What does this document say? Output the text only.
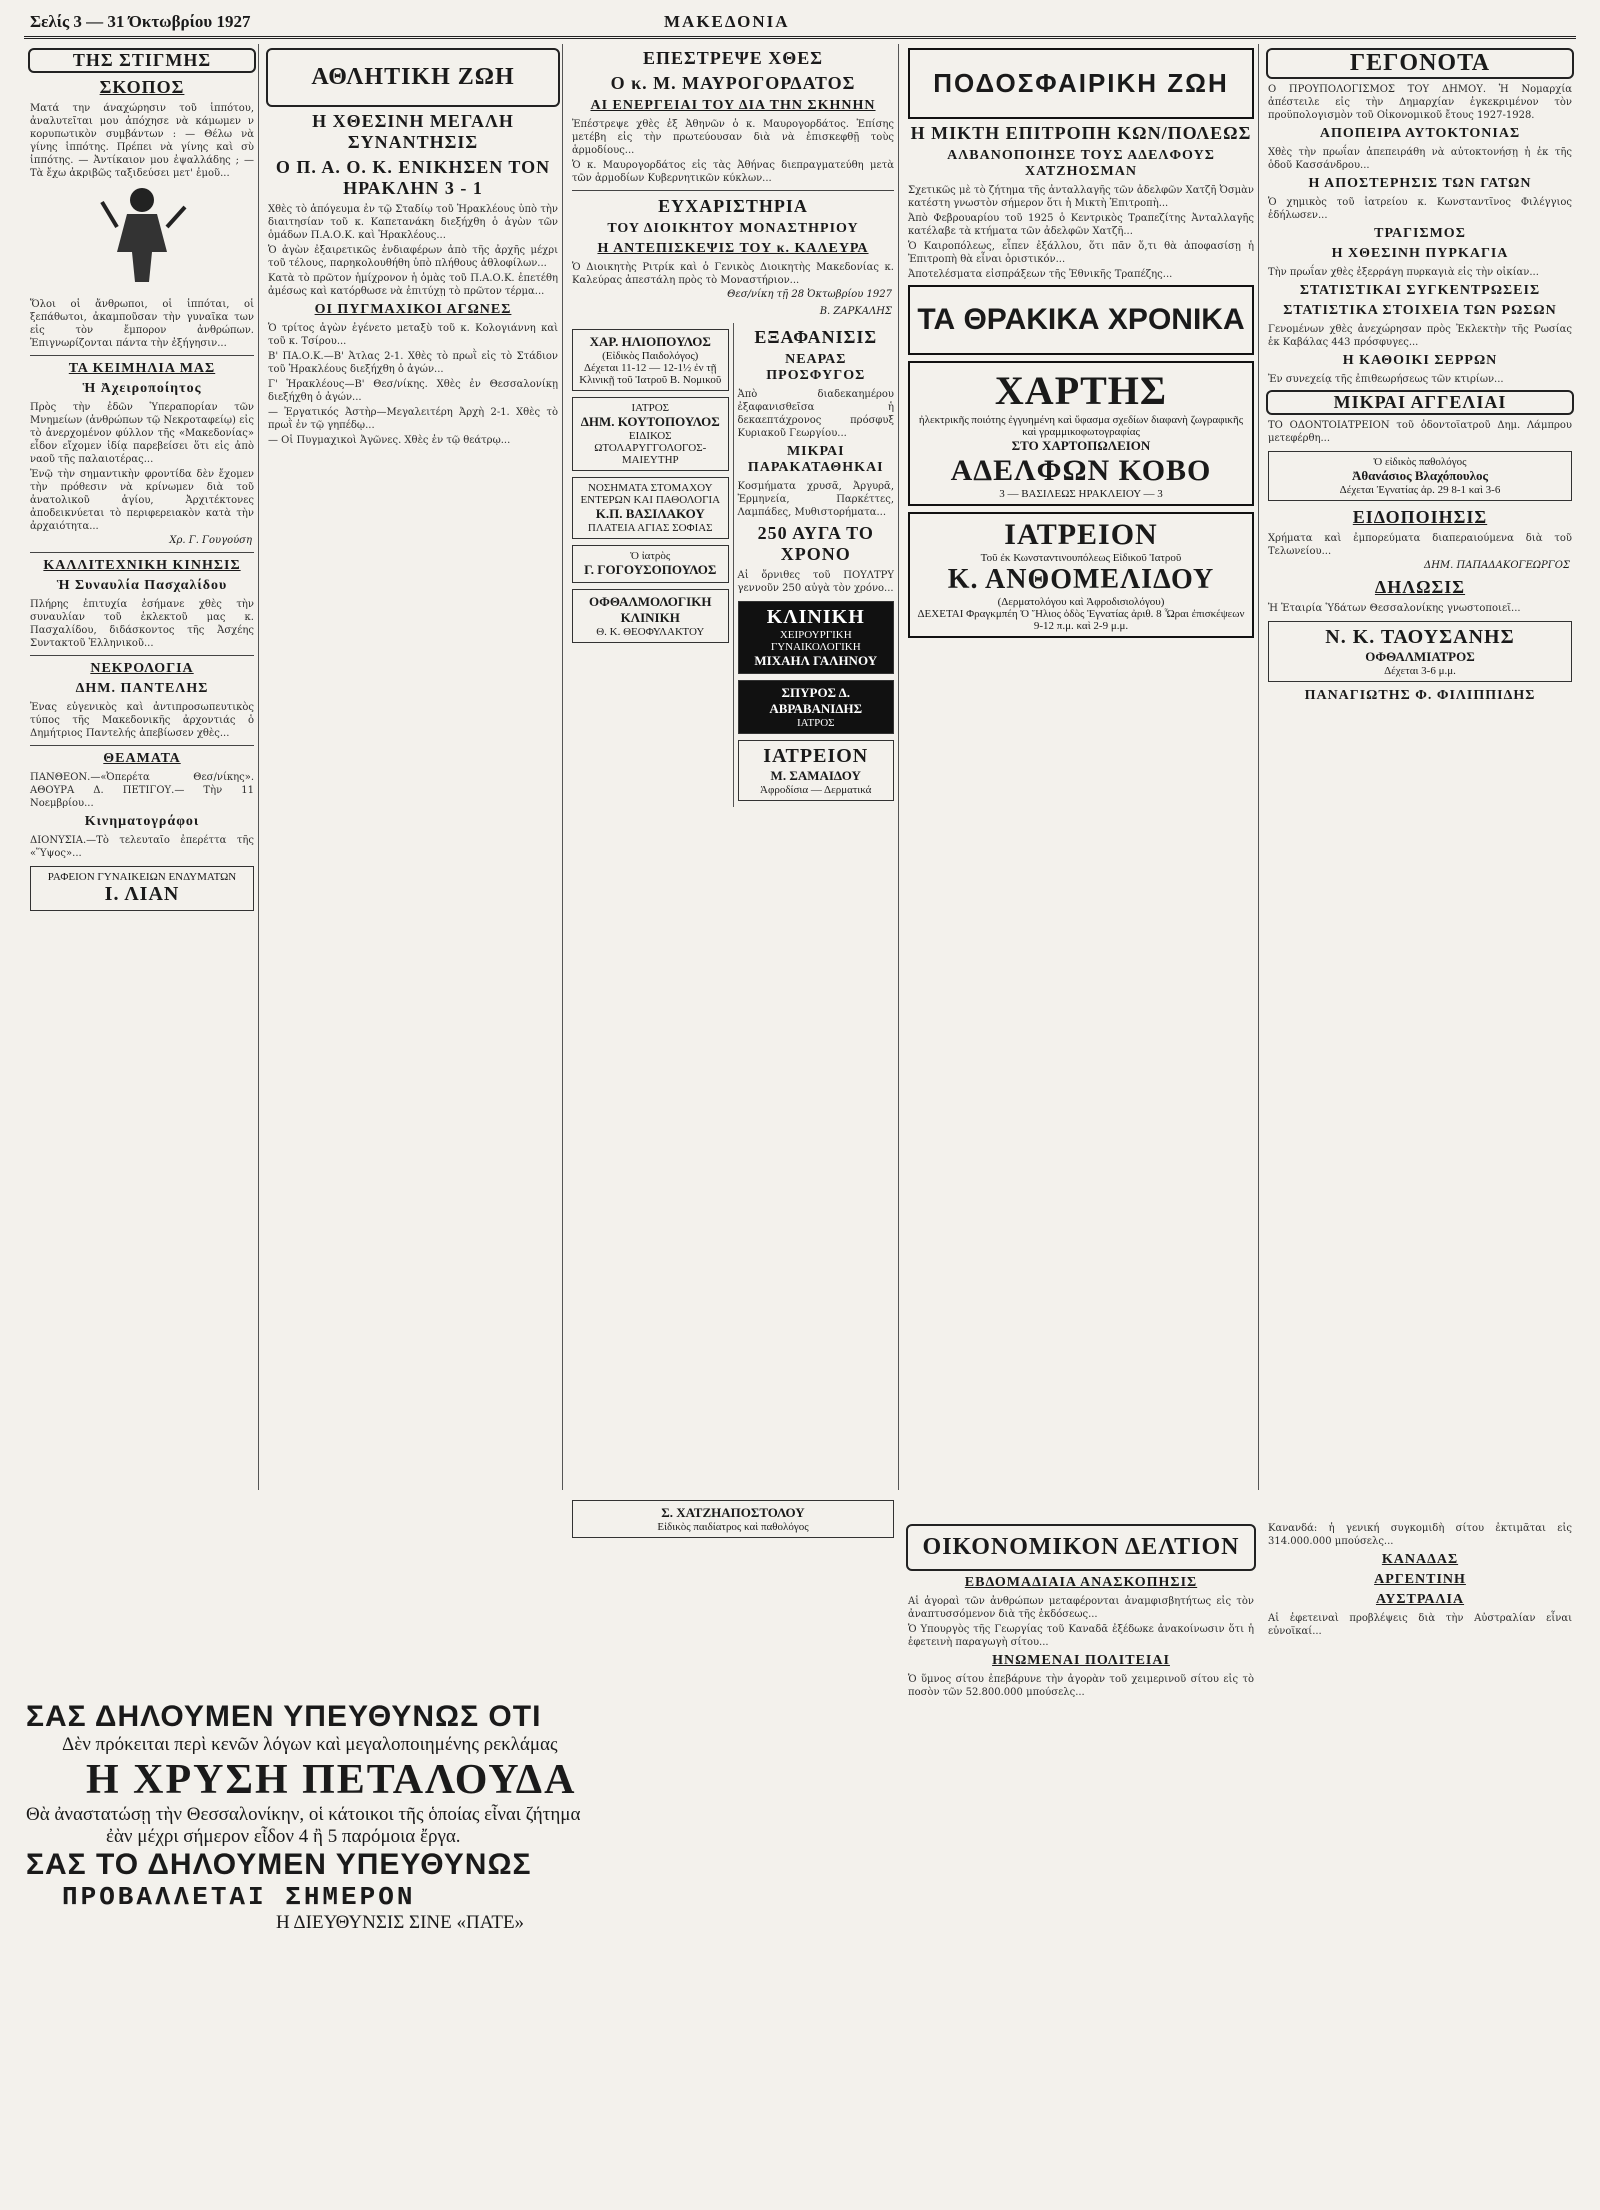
Σελίς 3 — 31 Όκτωβρίου 1927	ΜΑΚΕΔΟΝΙΑ
ΤΗΣ ΣΤΙΓΜΗΣ
ΣΚΟΠΟΣ
Ματά την άναχώρησιν τοῦ ἱππότου, ἀναλυτεῖται μου ἀπόχησε νὰ κάμωμεν ν κορυπωτικὸν συμβάντων : — Θέλω νὰ γίνης ἱππότης. Πρέπει νὰ γίνης καὶ σὺ ἱππότης. — Ἀντίκαιον μου ἐψαλλάδης ; — Τὰ ἔχω ἀκριβῶς ταξιδεύσει μετ' ἐμοῦ...
Ὅλοι οἱ ἄνθρωποι, οἱ ἱππόται, οἱ ξεπάθωτοι, ἀκαμποῦσαν τὴν γυναῖκα των εἰς τὸν ἔμπορον ἀνθρώπων. Ἐπιγνωρίζονται πάντα τὴν ἐξήγησιν...
ΤΑ ΚΕΙΜΗΛΙΑ ΜΑΣ
Ἡ Ἀχειροποίητος
Πρὸς τὴν ἐδῶν Ὑπεραπορίαν τῶν Μνημείων (ἀνθρώπων τῷ Νεκροταφείῳ) εἰς τὸ ἀνερχομένον φύλλον τῆς «Μακεδονίας» εἶδον εἴχομεν ἰδίᾳ παρεβείσει ὅτι εἰς ἀπὸ ναοῦ τῆς παλαιοτέρας...
Ἐνῷ τὴν σημαντικὴν φροντίδα δὲν ἔχομεν τὴν πρόθεσιν νὰ κρίνωμεν διὰ τοῦ ἀνατολικοῦ ἁγίου, Ἀρχιτέκτονες ἀποδεικνύεται τὸ περιφερειακὸν κατὰ τὴν ἀρχαιότητα...
Χρ. Γ. Γουγούση
ΚΑΛΛΙΤΕΧΝΙΚΗ ΚΙΝΗΣΙΣ
Ἡ Συναυλία Πασχαλίδου
Πλήρης ἐπιτυχία ἐσήμανε χθὲς τὴν συναυλίαν τοῦ ἐκλεκτοῦ μας κ. Πασχαλίδου, διδάσκοντος τῆς Ἀσχέης Συντακτοῦ Ἑλληνικοῦ...
ΝΕΚΡΟΛΟΓΙΑ
ΔΗΜ. ΠΑΝΤΕΛΗΣ
Ἐνας εὐγενικὸς καὶ ἀντιπροσωπευτικὸς τύπος τῆς Μακεδονικῆς ἀρχοντιάς ὁ Δημήτριος Παντελής ἀπεβίωσεν χθὲς...
ΘΕΑΜΑΤΑ
ΠΑΝΘΕΟΝ.—«Ὀπερέτα Θεσ/νίκης». ΑΘΟΥΡΑ Δ. ΠΕΤΙΓΟΥ.— Τὴν 11 Νοεμβρίου...
Κινηματογράφοι
ΔΙΟΝΥΣΙΑ.—Τὸ τελευταῖο ἐπερέττα τῆς «Ὕψος»...
ΡΑΦΕΙΟΝ ΓΥΝΑΙΚΕΙΩΝ ΕΝΔΥΜΑΤΩΝ
Ι. ΛΙΑΝ
ΑΘΛΗΤΙΚΗ ΖΩΗ
Η ΧΘΕΣΙΝΗ ΜΕΓΑΛΗ ΣΥΝΑΝΤΗΣΙΣ
Ο Π. Α. Ο. Κ. ΕΝΙΚΗΣΕΝ ΤΟΝ ΗΡΑΚΛΗΝ 3 - 1
Χθὲς τὸ ἀπόγευμα ἐν τῷ Σταδίῳ τοῦ Ἡρακλέους ὑπὸ τὴν διαιτησίαν τοῦ κ. Καπετανάκη διεξήχθη ὁ ἀγὼν τῶν ὁμάδων Π.Α.Ο.Κ. καὶ Ἡρακλέους...
Ὁ ἀγὼν ἐξαιρετικῶς ἐνδιαφέρων ἀπὸ τῆς ἀρχῆς μέχρι τοῦ τέλους, παρηκολουθήθη ὑπὸ πλήθους ἀθλοφίλων...
Κατὰ τὸ πρῶτον ἡμίχρονον ἡ ὁμὰς τοῦ Π.Α.Ο.Κ. ἐπετέθη ἀμέσως καὶ κατόρθωσε νὰ ἐπιτύχῃ τὸ πρῶτον τέρμα...
ΟΙ ΠΥΓΜΑΧΙΚΟΙ ΑΓΩΝΕΣ
Ὁ τρίτος ἀγὼν ἐγένετο μεταξὺ τοῦ κ. Κολογιάννη καὶ τοῦ κ. Τσίρου...
Β' ΠΑ.Ο.Κ.—Β' Ἀτλας 2-1. Χθὲς τὸ πρωῒ εἰς τὸ Στάδιον τοῦ Ἡρακλέους διεξήχθη ὁ ἀγών...
Γ' Ἡρακλέους—Β' Θεσ/νίκης. Χθὲς ἐν Θεσσαλονίκῃ διεξήχθη ὁ ἀγών...
— Ἐργατικός Ἀστὴρ—Μεγαλειτέρη Ἀρχὴ 2-1. Χθὲς τὸ πρωῒ ἐν τῷ γηπέδῳ...
— Οἱ Πυγμαχικοὶ Ἀγῶνες. Χθὲς ἐν τῷ θεάτρῳ...
ΕΠΕΣΤΡΕΨΕ ΧΘΕΣ
Ο κ. Μ. ΜΑΥΡΟΓΟΡΔΑΤΟΣ
ΑΙ ΕΝΕΡΓΕΙΑΙ ΤΟΥ ΔΙΑ ΤΗΝ ΣΚΗΝΗΝ
Ἐπέστρεψε χθὲς ἐξ Ἀθηνῶν ὁ κ. Μαυρογορδάτος. Ἐπίσης μετέβη εἰς τὴν πρωτεύουσαν διὰ νὰ ἐπισκεφθῇ τοὺς ἁρμοδίους...
Ὁ κ. Μαυρογορδάτος εἰς τὰς Ἀθήνας διεπραγματεύθη μετὰ τῶν ἁρμοδίων Κυβερνητικῶν κύκλων...
ΕΥΧΑΡΙΣΤΗΡΙΑ
ΤΟΥ ΔΙΟΙΚΗΤΟΥ ΜΟΝΑΣΤΗΡΙΟΥ
Η ΑΝΤΕΠΙΣΚΕΨΙΣ ΤΟΥ κ. ΚΑΛΕΥΡΑ
Ὁ Διοικητὴς Ριτρίκ καὶ ὁ Γενικὸς Διοικητὴς Μακεδονίας κ. Καλεύρας ἀπεστάλη πρὸς τὸ Μοναστήριον...
Θεσ/νίκη τῇ 28 Ὀκτωβρίου 1927
Β. ΖΑΡΚΑΛΗΣ
ΧΑΡ. ΗΛΙΟΠΟΥΛΟΣ
(Εἰδικὸς Παιδολόγος)
Δέχεται 11-12 — 12-1½ ἐν τῇ Κλινικῇ τοῦ Ἰατροῦ Β. Νομικοῦ
ΙΑΤΡΟΣ
ΔΗΜ. ΚΟΥΤΟΠΟΥΛΟΣ
ΕΙΔΙΚΟΣ ΩΤΟΛΑΡΥΓΓΟΛΟΓΟΣ-ΜΑΙΕΥΤΗΡ
ΝΟΣΗΜΑΤΑ ΣΤΟΜΑΧΟΥ ΕΝΤΕΡΩΝ ΚΑΙ ΠΑΘΟΛΟΓΙΑ
Κ.Π. ΒΑΣΙΛΑΚΟΥ
ΠΛΑΤΕΙΑ ΑΓΙΑΣ ΣΟΦΙΑΣ
Ὁ ἰατρὸς
Γ. ΓΟΓΟΥΣΟΠΟΥΛΟΣ
ΟΦΘΑΛΜΟΛΟΓΙΚΗ
ΚΛΙΝΙΚΗ
Θ. Κ. ΘΕΟΦΥΛΑΚΤΟΥ
ΕΞΑΦΑΝΙΣΙΣ
ΝΕΑΡΑΣ ΠΡΟΣΦΥΓΟΣ
Ἀπὸ διαδεκαημέρου ἐξαφανισθεῖσα ἡ δεκαεπτάχρονος πρόσφυξ Κυριακοῦ Γεωργίου...
ΜΙΚΡΑΙ ΠΑΡΑΚΑΤΑΘΗΚΑΙ
Κοσμήματα χρυσᾶ, Ἀργυρᾶ, Ἐρμηνεία, Παρκέττες, Λαμπάδες, Μυθιστορήματα...
250 ΑΥΓΑ ΤΟ ΧΡΟΝΟ
Αἱ ὄρνιθες τοῦ ΠΟΥΛΤΡΥ γεννοῦν 250 αὐγὰ τὸν χρόνο...
ΚΛΙΝΙΚΗ
ΧΕΙΡΟΥΡΓΙΚΗ ΓΥΝΑΙΚΟΛΟΓΙΚΗ
ΜΙΧΑΗΛ ΓΑΛΗΝΟΥ
ΣΠΥΡΟΣ Δ. ΑΒΡΑΒΑΝΙΔΗΣ
ΙΑΤΡΟΣ
ΙΑΤΡΕΙΟΝ
Μ. ΣΑΜΑΙΔΟΥ
Ἀφροδίσια — Δερματικά
ΠΟΔΟΣΦΑΙΡΙΚΗ ΖΩΗ
Η ΜΙΚΤΗ ΕΠΙΤΡΟΠΗ ΚΩΝ/ΠΟΛΕΩΣ
ΑΛΒΑΝΟΠΟΙΗΣΕ ΤΟΥΣ ΑΔΕΛΦΟΥΣ ΧΑΤΖΗΟΣΜΑΝ
Σχετικῶς μὲ τὸ ζήτημα τῆς ἀνταλλαγῆς τῶν ἀδελφῶν Χατζῆ Ὀσμὰν κατέστη γνωστὸν σήμερον ὅτι ἡ Μικτὴ Ἐπιτροπὴ...
Ἀπὸ Φεβρουαρίου τοῦ 1925 ὁ Κεντρικὸς Τραπεζίτης Ἀνταλλαγῆς κατέλαβε τὰ κτήματα τῶν ἀδελφῶν Χατζῆ...
Ὁ Καιροπόλεως, εἶπεν ἐξάλλου, ὅτι πᾶν ὅ,τι θὰ ἀποφασίσῃ ἡ Ἐπιτροπὴ θὰ εἶναι ὁριστικόν...
Ἀποτελέσματα εἰσπράξεων τῆς Ἐθνικῆς Τραπέζης...
ΤΑ ΘΡΑΚΙΚΑ ΧΡΟΝΙΚΑ
ΧΑΡΤΗΣ
ἠλεκτρικῆς ποιότης ἐγγυημένη καὶ ὕφασμα σχεδίων διαφανὴ ζωγραφικῆς καὶ γραμμικοφωτογραφίας
ΣΤΟ ΧΑΡΤΟΠΩΛΕΙΟΝ
ΑΔΕΛΦΩΝ ΚΟΒΟ
3 — ΒΑΣΙΛΕΩΣ ΗΡΑΚΛΕΙΟΥ — 3
ΙΑΤΡΕΙΟΝ
Τοῦ ἐκ Κωνσταντινουπόλεως Εἰδικοῦ Ἰατροῦ
Κ. ΑΝΘΟΜΕΛΙΔΟΥ
(Δερματολόγου καὶ Ἀφροδισιολόγου)
ΔΕΧΕΤΑΙ Φραγκμπέη Ὁ Ἥλιος ὁδὸς Ἐγνατίας ἀριθ. 8 Ὧραι ἐπισκέψεων 9-12 π.μ. καὶ 2-9 μ.μ.
ΓΕΓΟΝΟΤΑ
Ο ΠΡΟΥΠΟΛΟΓΙΣΜΟΣ ΤΟΥ ΔΗΜΟΥ. Ἡ Νομαρχία ἀπέστειλε εἰς τὴν Δημαρχίαν ἐγκεκριμένον τὸν προϋπολογισμὸν τοῦ Οἰκονομικοῦ ἔτους 1927-1928.
ΑΠΟΠΕΙΡΑ ΑΥΤΟΚΤΟΝΙΑΣ
Χθὲς τὴν πρωΐαν ἀπεπειράθη νὰ αὐτοκτονήσῃ ἡ ἐκ τῆς ὁδοῦ Κασσάνδρου...
Η ΑΠΟΣΤΕΡΗΣΙΣ ΤΩΝ ΓΑΤΩΝ
Ὁ χημικὸς τοῦ ἰατρείου κ. Κωνσταντῖνος Φιλέγγιος ἐδήλωσεν...
ΤΡΑΓΙΣΜΟΣ
Η ΧΘΕΣΙΝΗ ΠΥΡΚΑΓΙΑ
Τὴν πρωΐαν χθὲς ἐξερράγη πυρκαγιὰ εἰς τὴν οἰκίαν...
ΣΤΑΤΙΣΤΙΚΑΙ ΣΥΓΚΕΝΤΡΩΣΕΙΣ
ΣΤΑΤΙΣΤΙΚΑ ΣΤΟΙΧΕΙΑ ΤΩΝ ΡΩΣΩΝ
Γενομένων χθὲς ἀνεχώρησαν πρὸς Ἐκλεκτὴν τῆς Ρωσίας ἐκ Καβάλας 443 πρόσφυγες...
Η ΚΑΘΟΙΚΙ ΣΕΡΡΩΝ
Ἐν συνεχείᾳ τῆς ἐπιθεωρήσεως τῶν κτιρίων...
ΜΙΚΡΑΙ ΑΓΓΕΛΙΑΙ
ΤΟ ΟΔΟΝΤΟΙΑΤΡΕΙΟΝ τοῦ ὀδοντοϊατροῦ Δημ. Λάμπρου μετεφέρθη...
Ὁ εἰδικὸς παθολόγος
Ἀθανάσιος Βλαχόπουλος
Δέχεται Ἐγνατίας ἀρ. 29 8-1 καὶ 3-6
ΕΙΔΟΠΟΙΗΣΙΣ
Χρήματα καὶ ἐμπορεύματα διαπεραιούμενα διὰ τοῦ Τελωνείου...
ΔΗΜ. ΠΑΠΑΔΑΚΟΓΕΩΡΓΟΣ
ΔΗΛΩΣΙΣ
Ἡ Ἑταιρία Ὑδάτων Θεσσαλονίκης γνωστοποιεῖ...
Ν. Κ. ΤΑΟΥΣΑΝΗΣ
ΟΦΘΑΛΜΙΑΤΡΟΣ
Δέχεται 3-6 μ.μ.
ΠΑΝΑΓΙΩΤΗΣ Φ. ΦΙΛΙΠΠΙΔΗΣ
ΣΑΣ ΔΗΛΟΥΜΕΝ ΥΠΕΥΘΥΝΩΣ ΟΤΙ
Δὲν πρόκειται περὶ κενῶν λόγων καὶ μεγαλοποιημένης ρεκλάμας
Η ΧΡΥΣΗ ΠΕΤΑΛΟΥΔΑ
Θὰ ἀναστατώσῃ τὴν Θεσσαλονίκην, οἱ κάτοικοι τῆς ὁποίας εἶναι ζήτημα
ἐὰν μέχρι σήμερον εἶδον 4 ἢ 5 παρόμοια ἔργα.
ΣΑΣ ΤΟ ΔΗΛΟΥΜΕΝ ΥΠΕΥΘΥΝΩΣ
ΠΡΟΒΑΛΛΕΤΑΙ ΣΗΜΕΡΟΝ
Η ΔΙΕΥΘΥΝΣΙΣ ΣΙΝΕ «ΠΑΤΕ»
Σ. ΧΑΤΖΗΑΠΟΣΤΟΛΟΥ
Εἰδικὸς παιδίατρος καὶ παθολόγος
ΟΙΚΟΝΟΜΙΚΟΝ ΔΕΛΤΙΟΝ
ΕΒΔΟΜΑΔΙΑΙΑ ΑΝΑΣΚΟΠΗΣΙΣ
Αἱ ἀγοραὶ τῶν ἀνθρώπων μεταφέρονται ἀναμφισβητήτως εἰς τὸν ἀναπτυσσόμενον διὰ τῆς ἐκδόσεως...
Ὁ Υπουργὸς τῆς Γεωργίας τοῦ Καναδᾶ ἐξέδωκε ἀνακοίνωσιν ὅτι ἡ ἐφετεινὴ παραγωγὴ σίτου...
ΗΝΩΜΕΝΑΙ ΠΟΛΙΤΕΙΑΙ
Ὁ ὕμνος σίτου ἐπεβάρυνε τὴν ἀγορὰν τοῦ χειμερινοῦ σίτου εἰς τὸ ποσὸν τῶν 52.800.000 μπούσελς...
Κανανδά: ἡ γενική συγκομιδὴ σίτου ἐκτιμᾶται εἰς 314.000.000 μπούσελς...
ΚΑΝΑΔΑΣ
ΑΡΓΕΝΤΙΝΗ
ΑΥΣΤΡΑΛΙΑ
Αἱ ἐφετειναὶ προβλέψεις διὰ τὴν Αὐστραλίαν εἶναι εὐνοϊκαί...
